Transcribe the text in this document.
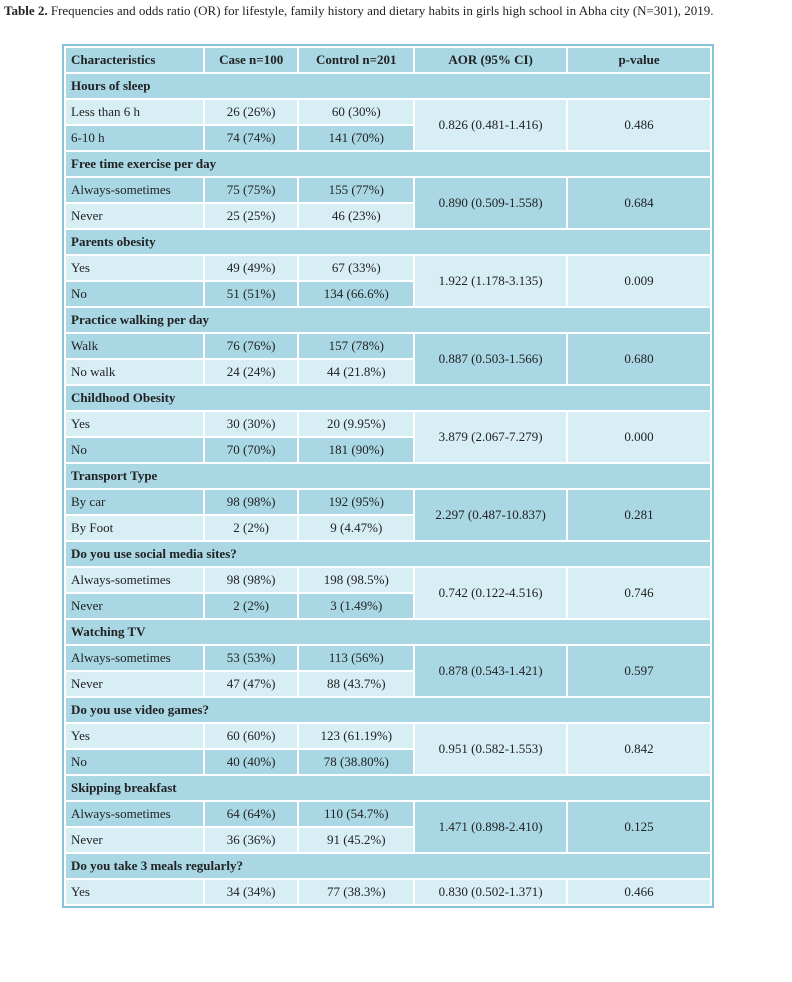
Table 2. Frequencies and odds ratio (OR) for lifestyle, family history and dietary habits in girls high school in Abha city (N=301), 2019.
Characteristics	Case n=100	Control n=201	AOR (95% CI)	p-value
Hours of sleep				
Less than 6 h	26 (26%)	60 (30%)	0.826 (0.481-1.416)	0.486
6-10 h	74 (74%)	141 (70%)		
Free time exercise per day				
Always-sometimes	75 (75%)	155 (77%)	0.890 (0.509-1.558)	0.684
Never	25 (25%)	46 (23%)		
Parents obesity				
Yes	49 (49%)	67 (33%)	1.922 (1.178-3.135)	0.009
No	51 (51%)	134 (66.6%)		
Practice walking per day				
Walk	76 (76%)	157 (78%)	0.887 (0.503-1.566)	0.680
No walk	24 (24%)	44 (21.8%)		
Childhood Obesity				
Yes	30 (30%)	20 (9.95%)	3.879 (2.067-7.279)	0.000
No	70 (70%)	181 (90%)		
Transport Type				
By car	98 (98%)	192 (95%)	2.297 (0.487-10.837)	0.281
By Foot	2 (2%)	9 (4.47%)		
Do you use social media sites?				
Always-sometimes	98 (98%)	198 (98.5%)	0.742 (0.122-4.516)	0.746
Never	2 (2%)	3 (1.49%)		
Watching TV				
Always-sometimes	53 (53%)	113 (56%)	0.878 (0.543-1.421)	0.597
Never	47 (47%)	88 (43.7%)		
Do you use video games?				
Yes	60 (60%)	123 (61.19%)	0.951 (0.582-1.553)	0.842
No	40 (40%)	78 (38.80%)		
Skipping breakfast				
Always-sometimes	64 (64%)	110 (54.7%)	1.471 (0.898-2.410)	0.125
Never	36 (36%)	91 (45.2%)		
Do you take 3 meals regularly?				
Yes	34 (34%)	77 (38.3%)	0.830 (0.502-1.371)	0.466
